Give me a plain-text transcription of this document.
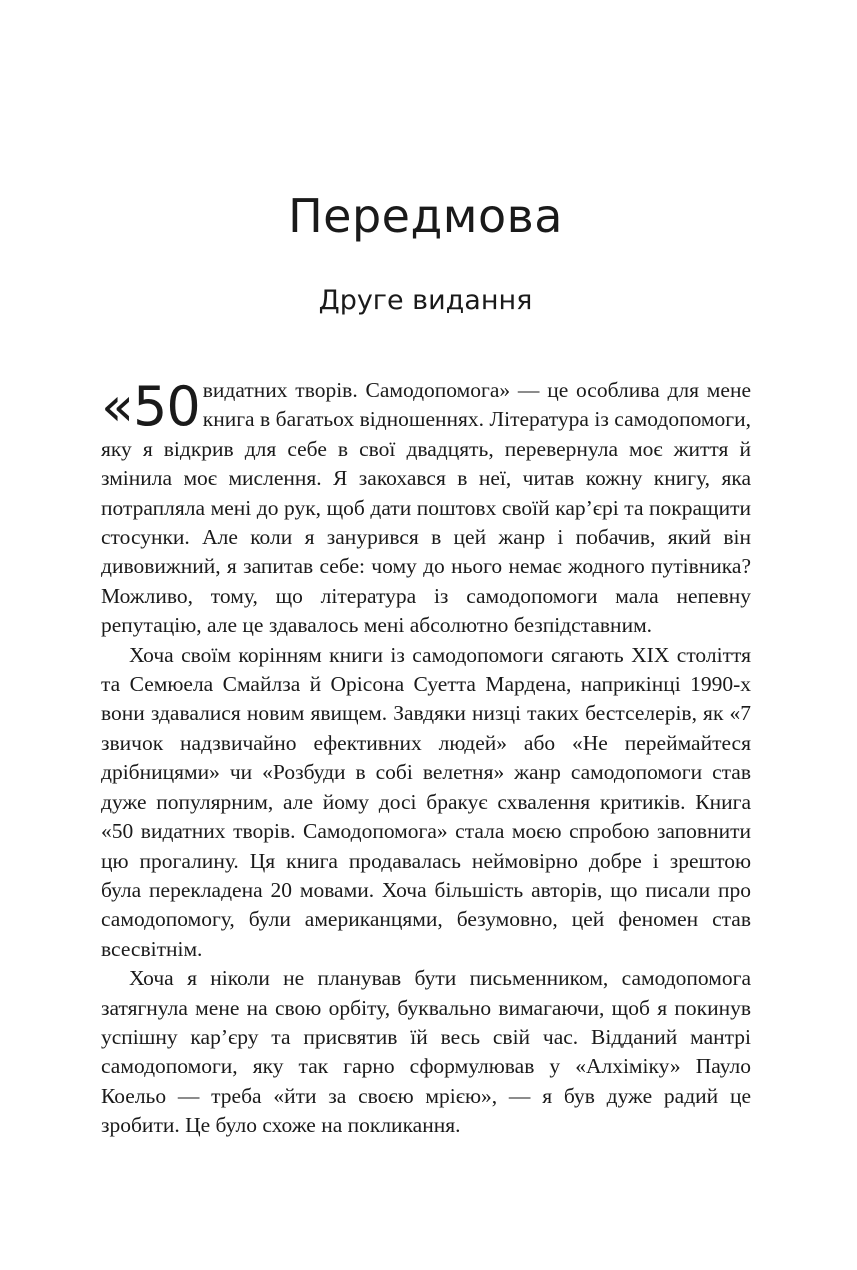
Передмова
Друге видання

«50 видатних творів. Самодопомога» — це особлива для мене книга в багатьох відношеннях. Література із самодопомоги, яку я відкрив для себе в свої двадцять, перевернула моє життя й змінила моє мислення. Я закохався в неї, читав кожну книгу, яка потрапляла мені до рук, щоб дати поштовх своїй кар’єрі та покращити стосунки. Але коли я занурився в цей жанр і побачив, який він дивовижний, я запитав себе: чому до нього немає жодного путівника? Можливо, тому, що література із самодопомоги мала непевну репутацію, але це здавалось мені абсолютно безпідставним.

Хоча своїм корінням книги із самодопомоги сягають XIX століття та Семюела Смайлза й Орісона Суетта Мардена, наприкінці 1990-х вони здавалися новим явищем. Завдяки низці таких бестселерів, як «7 звичок надзвичайно ефективних людей» або «Не переймайтеся дрібницями» чи «Розбуди в собі велетня» жанр самодопомоги став дуже популярним, але йому досі бракує схвалення критиків. Книга «50 видатних творів. Самодопомога» стала моєю спробою заповнити цю прогалину. Ця книга продавалась неймовірно добре і зрештою була перекладена 20 мовами. Хоча більшість авторів, що писали про самодопомогу, були американцями, безумовно, цей феномен став всесвітнім.

Хоча я ніколи не планував бути письменником, самодопомога затягнула мене на свою орбіту, буквально вимагаючи, щоб я покинув успішну кар’єру та присвятив їй весь свій час. Відданий мантрі самодопомоги, яку так гарно сформулював у «Алхіміку» Пауло Коельо — треба «йти за своєю мрією», — я був дуже радий це зробити. Це було схоже на покликання.
